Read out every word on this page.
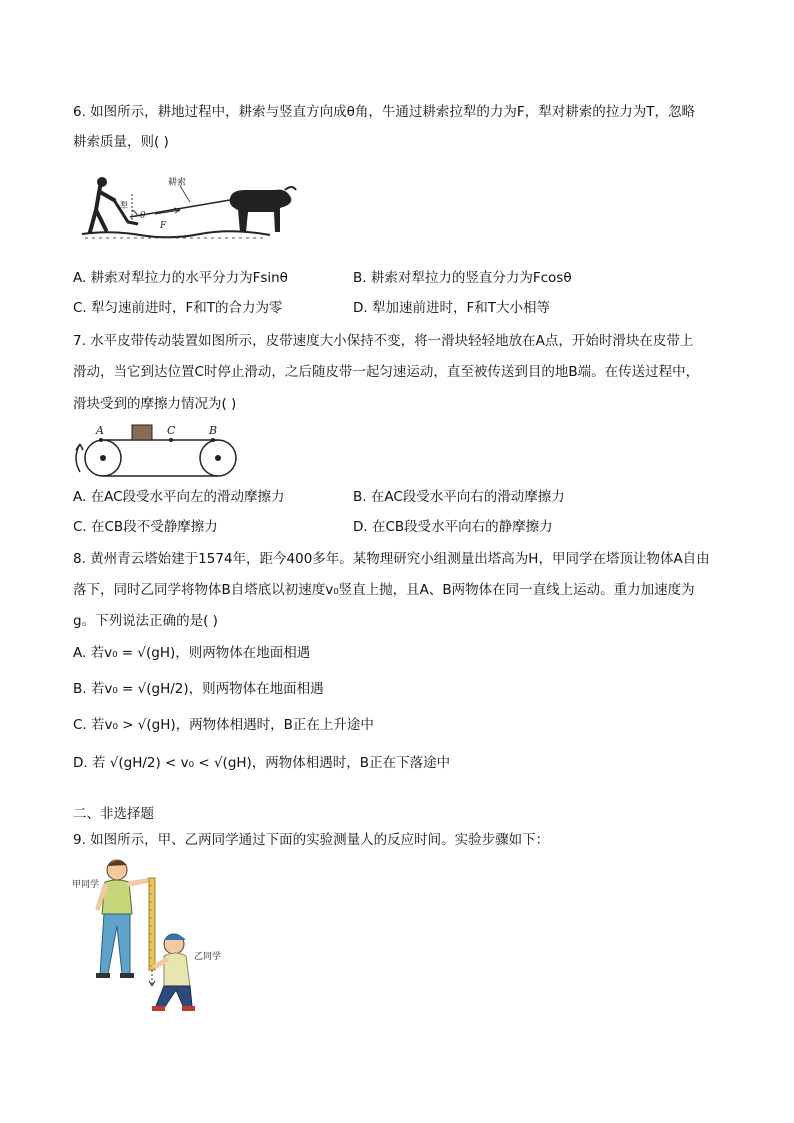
6. 如图所示，耕地过程中，耕索与竖直方向成θ角，牛通过耕索拉犁的力为F，犁对耕索的拉力为T，忽略
耕索质量，则( )
耕索
犁
θ
F
A. 耕索对犁拉力的水平分力为Fsinθ	B. 耕索对犁拉力的竖直分力为Fcosθ
C. 犁匀速前进时，F和T的合力为零	D. 犁加速前进时，F和T大小相等
7. 水平皮带传动装置如图所示，皮带速度大小保持不变，将一滑块轻轻地放在A点，开始时滑块在皮带上
滑动，当它到达位置C时停止滑动，之后随皮带一起匀速运动，直至被传送到目的地B端。在传送过程中，
滑块受到的摩擦力情况为( )
A	C	B
A. 在AC段受水平向左的滑动摩擦力	B. 在AC段受水平向右的滑动摩擦力
C. 在CB段不受静摩擦力	D. 在CB段受水平向右的静摩擦力
8. 黄州青云塔始建于1574年，距今400多年。某物理研究小组测量出塔高为H，甲同学在塔顶让物体A自由
落下，同时乙同学将物体B自塔底以初速度v₀竖直上抛，且A、B两物体在同一直线上运动。重力加速度为
g。下列说法正确的是( )
A. 若v₀ = √(gH)，则两物体在地面相遇
B. 若v₀ = √(gH/2)，则两物体在地面相遇
C. 若v₀ > √(gH)，两物体相遇时，B正在上升途中
D. 若 √(gH/2) < v₀ < √(gH)，两物体相遇时，B正在下落途中
二、非选择题
9. 如图所示，甲、乙两同学通过下面的实验测量人的反应时间。实验步骤如下：
甲同学
乙同学
